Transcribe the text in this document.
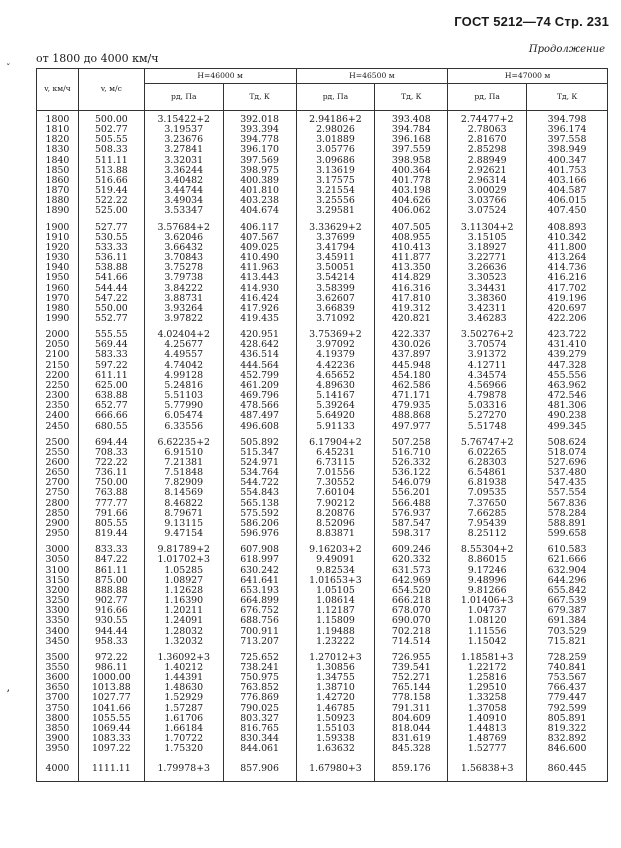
ГОСТ 5212—74 Стр. 231
Продолжение
от 1800 до 4000 км/ч
ˇ
ʼ
v, км/ч	v, м/с	H=46000 м		H=46500 м		H=47000 м	
		pд, Па	Tд, К	pд, Па	Tд, К	pд, Па	Tд, К
1800	500.00	3.15422+2	392.018	2.94186+2	393.408	2.74477+2	394.798
1810	502.77	3.19537	393.394	2.98026	394.784	2.78063	396.174
1820	505.55	3.23676	394.778	3.01889	396.168	2.81670	397.558
1830	508.33	3.27841	396.170	3.05776	397.559	2.85298	398.949
1840	511.11	3.32031	397.569	3.09686	398.958	2.88949	400.347
1850	513.88	3.36244	398.975	3.13619	400.364	2.92621	401.753
1860	516.66	3.40482	400.389	3.17575	401.778	2.96314	403.166
1870	519.44	3.44744	401.810	3.21554	403.198	3.00029	404.587
1880	522.22	3.49034	403.238	3.25556	404.626	3.03766	406.015
1890	525.00	3.53347	404.674	3.29581	406.062	3.07524	407.450
1900	527.77	3.57684+2	406.117	3.33629+2	407.505	3.11304+2	408.893
1910	530.55	3.62046	407.567	3.37699	408.955	3.15105	410.342
1920	533.33	3.66432	409.025	3.41794	410.413	3.18927	411.800
1930	536.11	3.70843	410.490	3.45911	411.877	3.22771	413.264
1940	538.88	3.75278	411.963	3.50051	413.350	3.26636	414.736
1950	541.66	3.79738	413.443	3.54214	414.829	3.30523	416.216
1960	544.44	3.84222	414.930	3.58399	416.316	3.34431	417.702
1970	547.22	3.88731	416.424	3.62607	417.810	3.38360	419.196
1980	550.00	3.93264	417.926	3.66839	419.312	3.42311	420.697
1990	552.77	3.97822	419.435	3.71092	420.821	3.46283	422.206
2000	555.55	4.02404+2	420.951	3.75369+2	422.337	3.50276+2	423.722
2050	569.44	4.25677	428.642	3.97092	430.026	3.70574	431.410
2100	583.33	4.49557	436.514	4.19379	437.897	3.91372	439.279
2150	597.22	4.74042	444.564	4.42236	445.948	4.12711	447.328
2200	611.11	4.99128	452.799	4.65652	454.180	4.34574	455.556
2250	625.00	5.24816	461.209	4.89630	462.586	4.56966	463.962
2300	638.88	5.51103	469.796	5.14167	471.171	4.79878	472.546
2350	652.77	5.77990	478.566	5.39264	479.935	5.03316	481.306
2400	666.66	6.05474	487.497	5.64920	488.868	5.27270	490.238
2450	680.55	6.33556	496.608	5.91133	497.977	5.51748	499.345
2500	694.44	6.62235+2	505.892	6.17904+2	507.258	5.76747+2	508.624
2550	708.33	6.91510	515.347	6.45231	516.710	6.02265	518.074
2600	722.22	7.21381	524.971	6.73115	526.332	6.28303	527.696
2650	736.11	7.51848	534.764	7.01556	536.122	6.54861	537.480
2700	750.00	7.82909	544.722	7.30552	546.079	6.81938	547.435
2750	763.88	8.14569	554.843	7.60104	556.201	7.09535	557.554
2800	777.77	8.46822	565.138	7.90212	566.488	7.37650	567.836
2850	791.66	8.79671	575.592	8.20876	576.937	7.66285	578.284
2900	805.55	9.13115	586.206	8.52096	587.547	7.95439	588.891
2950	819.44	9.47154	596.976	8.83871	598.317	8.25112	599.658
3000	833.33	9.81789+2	607.908	9.16203+2	609.246	8.55304+2	610.583
3050	847.22	1.01702+3	618.997	9.49091	620.332	8.86015	621.666
3100	861.11	1.05285	630.242	9.82534	631.573	9.17246	632.904
3150	875.00	1.08927	641.641	1.01653+3	642.969	9.48996	644.296
3200	888.88	1.12628	653.193	1.05105	654.520	9.81266	655.842
3250	902.77	1.16390	664.899	1.08614	666.218	1.01406+3	667.539
3300	916.66	1.20211	676.752	1.12187	678.070	1.04737	679.387
3350	930.55	1.24091	688.756	1.15809	690.070	1.08120	691.384
3400	944.44	1.28032	700.911	1.19488	702.218	1.11556	703.529
3450	958.33	1.32032	713.207	1.23222	714.514	1.15042	715.821
3500	972.22	1.36092+3	725.652	1.27012+3	726.955	1.18581+3	728.259
3550	986.11	1.40212	738.241	1.30856	739.541	1.22172	740.841
3600	1000.00	1.44391	750.975	1.34755	752.271	1.25816	753.567
3650	1013.88	1.48630	763.852	1.38710	765.144	1.29510	766.437
3700	1027.77	1.52929	776.869	1.42720	778.158	1.33258	779.447
3750	1041.66	1.57287	790.025	1.46785	791.311	1.37058	792.599
3800	1055.55	1.61706	803.327	1.50923	804.609	1.40910	805.891
3850	1069.44	1.66184	816.765	1.55103	818.044	1.44813	819.322
3900	1083.33	1.70722	830.344	1.59338	831.619	1.48769	832.892
3950	1097.22	1.75320	844.061	1.63632	845.328	1.52777	846.600
4000	1111.11	1.79978+3	857.906	1.67980+3	859.176	1.56838+3	860.445
